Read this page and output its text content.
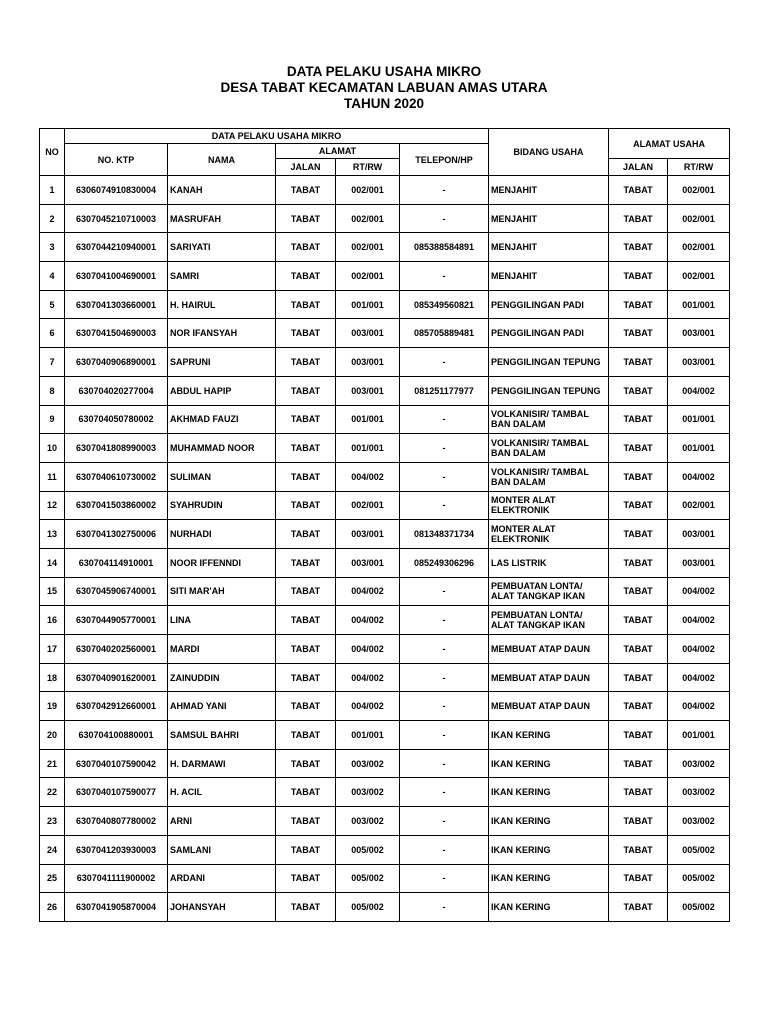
DATA PELAKU USAHA MIKRO
DESA TABAT KECAMATAN LABUAN AMAS UTARA
TAHUN 2020
NO	DATA PELAKU USAHA MIKRO					BIDANG USAHA	ALAMAT USAHA	
	NO. KTP	NAMA	ALAMAT		TELEPON/HP			
			JALAN	RT/RW			JALAN	RT/RW
1	6306074910830004	KANAH	TABAT	002/001	-	MENJAHIT	TABAT	002/001
2	6307045210710003	MASRUFAH	TABAT	002/001	-	MENJAHIT	TABAT	002/001
3	6307044210940001	SARIYATI	TABAT	002/001	085388584891	MENJAHIT	TABAT	002/001
4	6307041004690001	SAMRI	TABAT	002/001	-	MENJAHIT	TABAT	002/001
5	6307041303660001	H. HAIRUL	TABAT	001/001	085349560821	PENGGILINGAN PADI	TABAT	001/001
6	6307041504690003	NOR IFANSYAH	TABAT	003/001	085705889481	PENGGILINGAN PADI	TABAT	003/001
7	6307040906890001	SAPRUNI	TABAT	003/001	-	PENGGILINGAN TEPUNG	TABAT	003/001
8	630704020277004	ABDUL HAPIP	TABAT	003/001	081251177977	PENGGILINGAN TEPUNG	TABAT	004/002
9	630704050780002	AKHMAD FAUZI	TABAT	001/001	-	VOLKANISIR/ TAMBAL BAN DALAM	TABAT	001/001
10	6307041808990003	MUHAMMAD NOOR	TABAT	001/001	-	VOLKANISIR/ TAMBAL BAN DALAM	TABAT	001/001
11	6307040610730002	SULIMAN	TABAT	004/002	-	VOLKANISIR/ TAMBAL BAN DALAM	TABAT	004/002
12	6307041503860002	SYAHRUDIN	TABAT	002/001	-	MONTER ALAT ELEKTRONIK	TABAT	002/001
13	6307041302750006	NURHADI	TABAT	003/001	081348371734	MONTER ALAT ELEKTRONIK	TABAT	003/001
14	630704114910001	NOOR IFFENNDI	TABAT	003/001	085249306296	LAS LISTRIK	TABAT	003/001
15	6307045906740001	SITI MAR'AH	TABAT	004/002	-	PEMBUATAN LONTA/ ALAT TANGKAP IKAN	TABAT	004/002
16	6307044905770001	LINA	TABAT	004/002	-	PEMBUATAN LONTA/ ALAT TANGKAP IKAN	TABAT	004/002
17	6307040202560001	MARDI	TABAT	004/002	-	MEMBUAT ATAP DAUN	TABAT	004/002
18	6307040901620001	ZAINUDDIN	TABAT	004/002	-	MEMBUAT ATAP DAUN	TABAT	004/002
19	6307042912660001	AHMAD YANI	TABAT	004/002	-	MEMBUAT ATAP DAUN	TABAT	004/002
20	630704100880001	SAMSUL BAHRI	TABAT	001/001	-	IKAN KERING	TABAT	001/001
21	6307040107590042	H. DARMAWI	TABAT	003/002	-	IKAN KERING	TABAT	003/002
22	6307040107590077	H. ACIL	TABAT	003/002	-	IKAN KERING	TABAT	003/002
23	6307040807780002	ARNI	TABAT	003/002	-	IKAN KERING	TABAT	003/002
24	6307041203930003	SAMLANI	TABAT	005/002	-	IKAN KERING	TABAT	005/002
25	6307041111900002	ARDANI	TABAT	005/002	-	IKAN KERING	TABAT	005/002
26	6307041905870004	JOHANSYAH	TABAT	005/002	-	IKAN KERING	TABAT	005/002
